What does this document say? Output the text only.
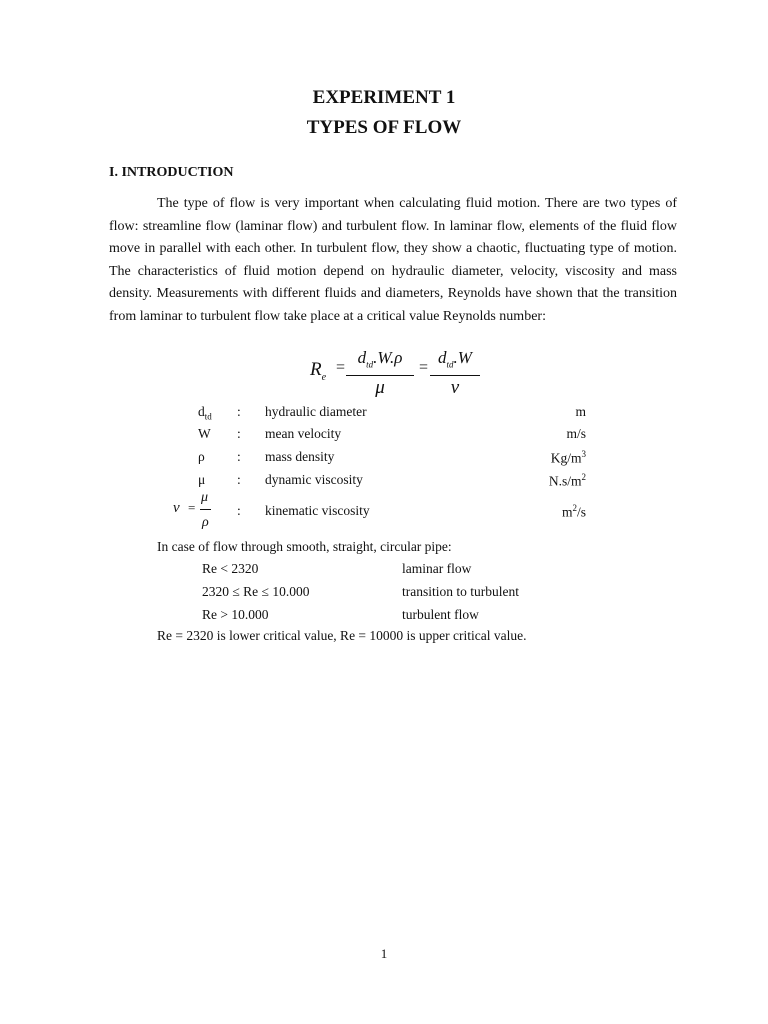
EXPERIMENT 1
TYPES OF FLOW
I. INTRODUCTION
The type of flow is very important when calculating fluid motion. There are two types of flow: streamline flow (laminar flow) and turbulent flow. In laminar flow, elements of the fluid flow move in parallel with each other. In turbulent flow, they show a chaotic, fluctuating type of motion. The characteristics of fluid motion depend on hydraulic diameter, velocity, viscosity and mass density. Measurements with different fluids and diameters, Reynolds have shown that the transition from laminar to turbulent flow take place at a critical value Reynolds number:
$R_e$
=
$d_{td}.W.\rho$
μ
=
$d_{td}.W$
ν
$d_{td}$ : hydraulic diameter	m
W : mean velocity	m/s
ρ : mass density	$Kg/m^3$
μ : dynamic viscosity	$N.s/m^2$
ν =
μ
ρ
: kinematic viscosity	$m^2/s$
In case of flow through smooth, straight, circular pipe:
Re < 2320	laminar flow
2320 ≤ Re ≤ 10.000	transition to turbulent
Re > 10.000	turbulent flow
Re = 2320 is lower critical value, Re = 10000 is upper critical value.
1
